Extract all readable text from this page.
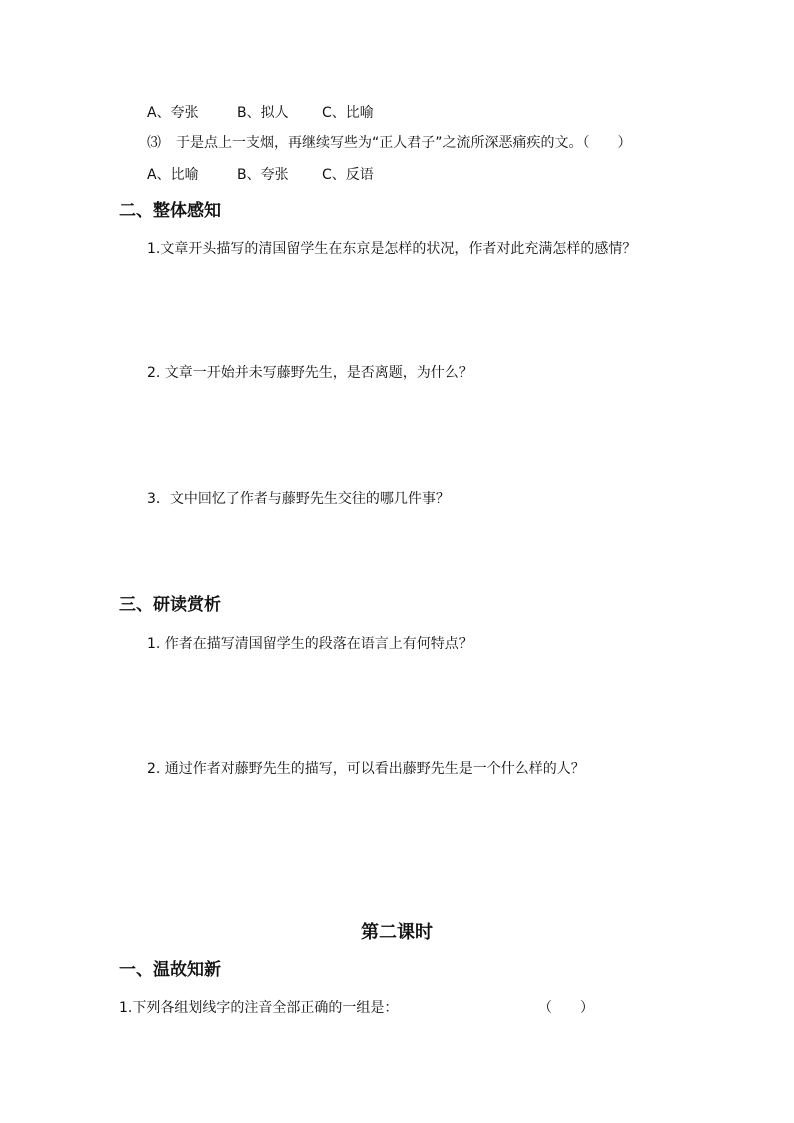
A、夸张	B、拟人 C、比喻
⑶ 于是点上一支烟，再继续写些为“正人君子”之流所深恶痛疾的文。（　　）
A、比喻	B、夸张 C、反语
二、整体感知
1.文章开头描写的清国留学生在东京是怎样的状况，作者对此充满怎样的感情？
2. 文章一开始并未写藤野先生，是否离题，为什么？
3．文中回忆了作者与藤野先生交往的哪几件事？
三、研读赏析
1. 作者在描写清国留学生的段落在语言上有何特点？
2. 通过作者对藤野先生的描写，可以看出藤野先生是一个什么样的人？
第二课时
一、温故知新
1.下列各组划线字的注音全部正确的一组是：	（　　）
